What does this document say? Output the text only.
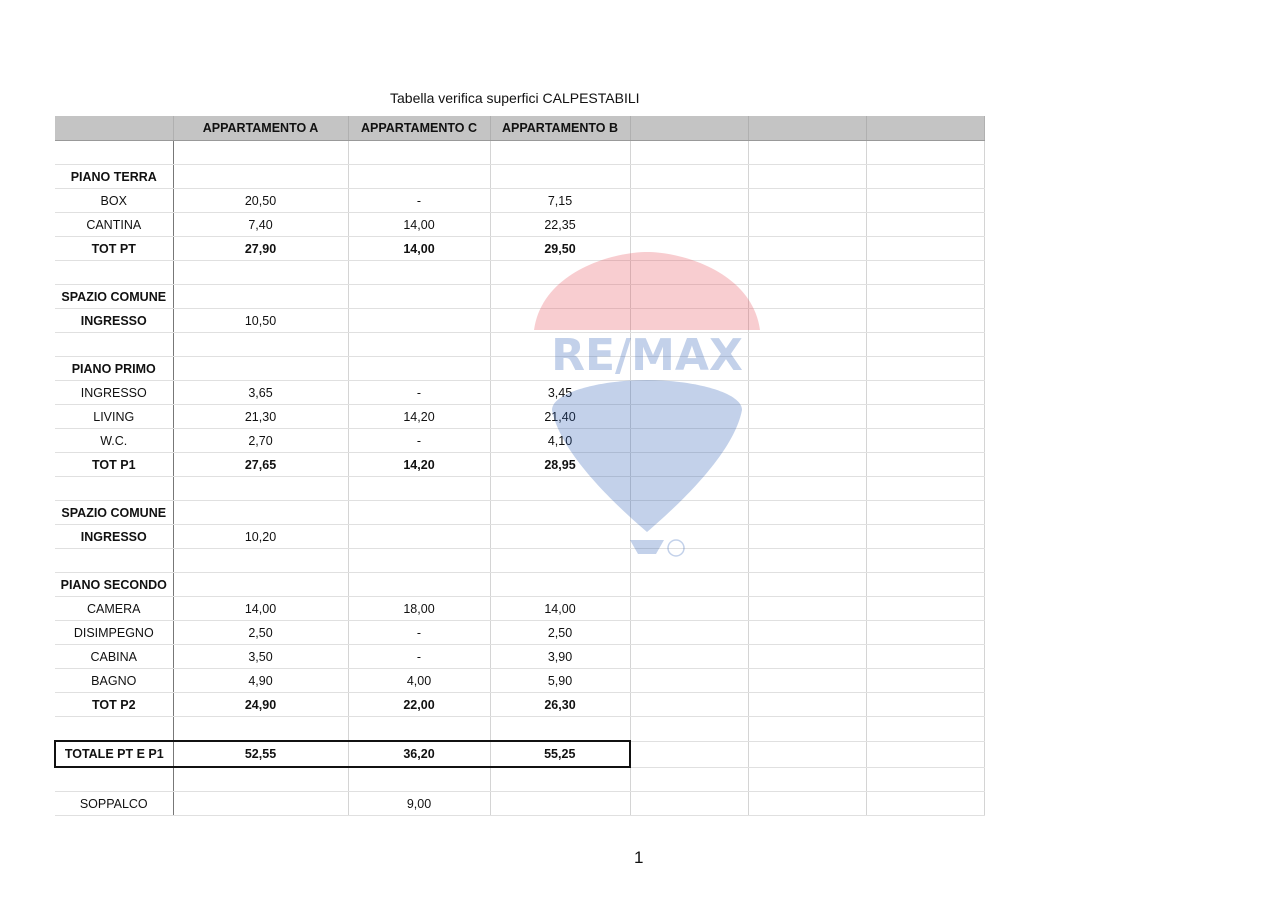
Tabella verifica superfici CALPESTABILI
	APPARTAMENTO A	APPARTAMENTO C	APPARTAMENTO B			

PIANO TERRA						
BOX	20,50	-	7,15			
CANTINA	7,40	14,00	22,35			
TOT PT	27,90	14,00	29,50			

SPAZIO COMUNE						
INGRESSO	10,50					

PIANO PRIMO						
INGRESSO	3,65	-	3,45			
LIVING	21,30	14,20	21,40			
W.C.	2,70	-	4,10			
TOT P1	27,65	14,20	28,95			

SPAZIO COMUNE						
INGRESSO	10,20					

PIANO SECONDO						
CAMERA	14,00	18,00	14,00			
DISIMPEGNO	2,50	-	2,50			
CABINA	3,50	-	3,90			
BAGNO	4,90	4,00	5,90			
TOT P2	24,90	22,00	26,30			

TOTALE PT E P1	52,55	36,20	55,25			

SOPPALCO		9,00				
RE/MAX
1
